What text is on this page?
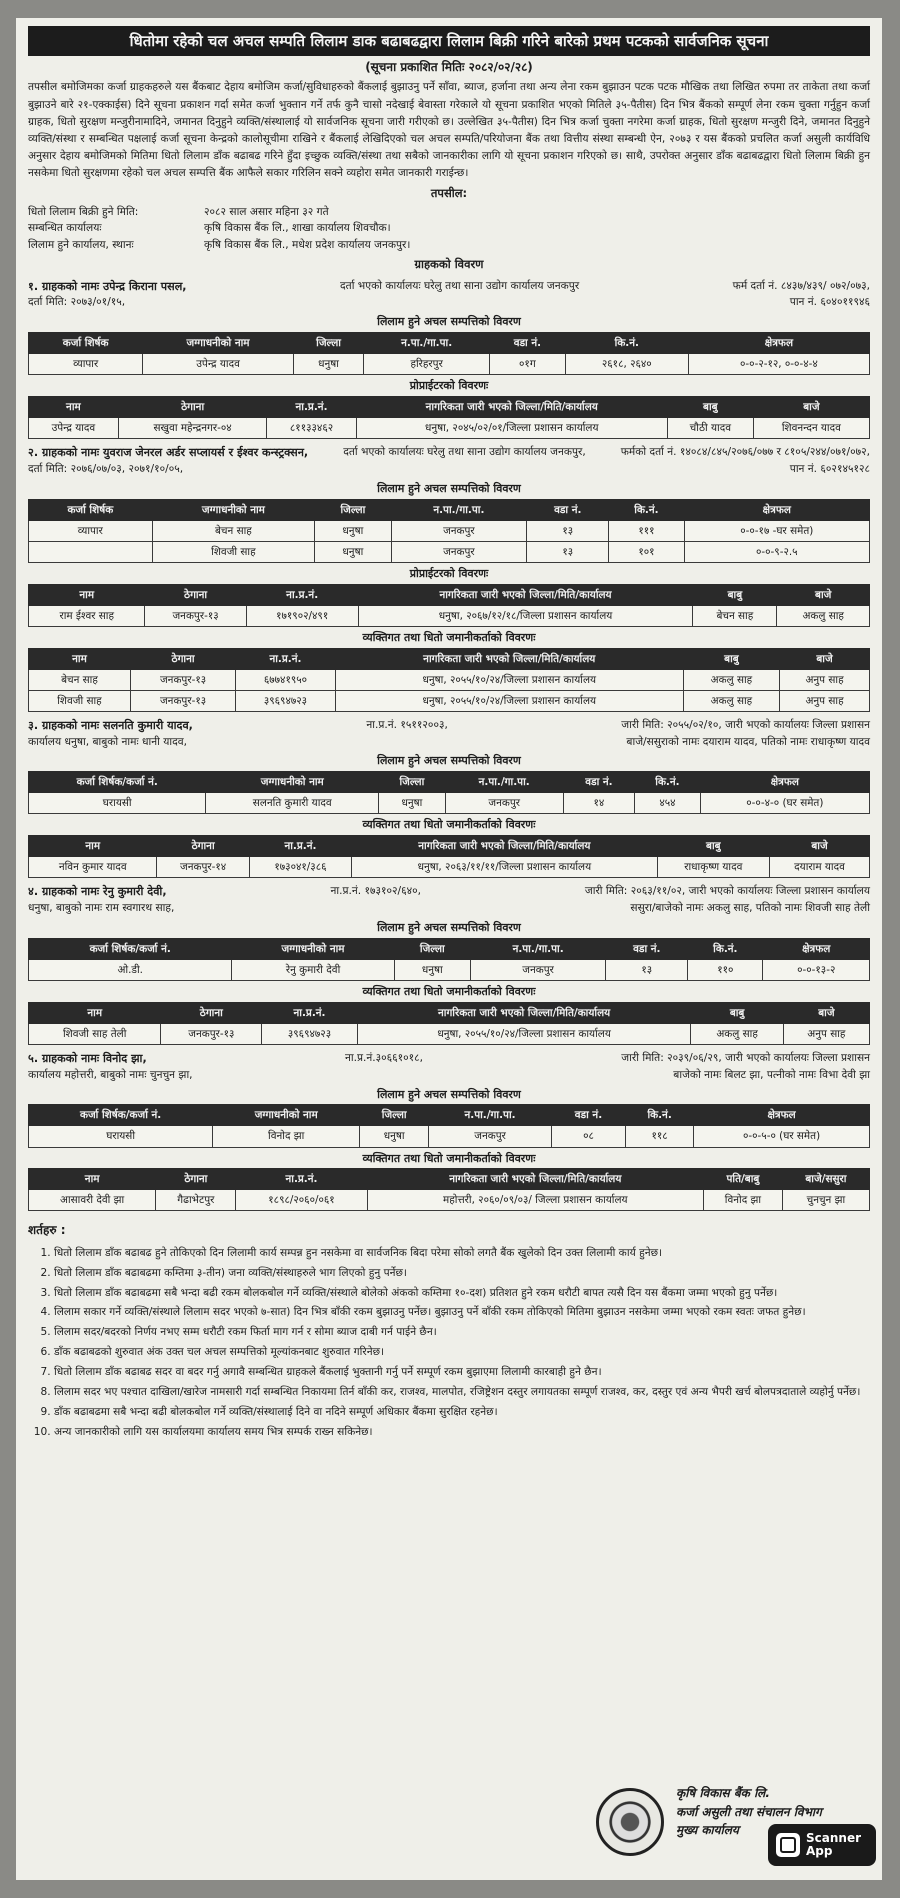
धितोमा रहेको चल अचल सम्पति लिलाम डाक बढाबढद्वारा लिलाम बिक्री गरिने बारेको प्रथम पटकको सार्वजनिक सूचना
(सूचना प्रकाशित मितिः २०८२/०२/२८)

तपसील बमोजिमका कर्जा ग्राहकहरुले यस बैंकबाट देहाय बमोजिम कर्जा/सुविधाहरुको बैंकलाई बुझाउनु पर्ने साँवा, ब्याज, हर्जाना तथा अन्य लेना रकम बुझाउन पटक पटक मौखिक तथा लिखित रुपमा तर ताकेता तथा कर्जा बुझाउने बारे २१-एक्काईस) दिने सूचना प्रकाशन गर्दा समेत कर्जा भुक्तान गर्ने तर्फ कुनै चासो नदेखाई बेवास्ता गरेकाले यो सूचना प्रकाशित भएको मितिले ३५-पैतीस) दिन भित्र बैंकको सम्पूर्ण लेना रकम चुक्ता गर्नुहुन कर्जा ग्राहक, धितो सुरक्षण मन्जुरीनामादिने, जमानत दिनुहुने व्यक्ति/संस्थालाई यो सार्वजनिक सूचना जारी गरीएको छ। उल्लेखित ३५-पैतीस) दिन भित्र कर्जा चुक्ता नगरेमा कर्जा ग्राहक, धितो सुरक्षण मन्जुरी दिने, जमानत दिनुहुने व्यक्ति/संस्था र सम्बन्धित पक्षलाई कर्जा सूचना केन्द्रको कालोसूचीमा राखिने र बैंकलाई लेखिदिएको चल अचल सम्पति/परियोजना बैंक तथा वित्तीय संस्था सम्बन्धी ऐन, २०७३ र यस बैंकको प्रचलित कर्जा असुली कार्यविधि अनुसार देहाय बमोजिमको मितिमा धितो लिलाम डाँक बढाबढ गरिने हुँदा इच्छुक व्यक्ति/संस्था तथा सबैको जानकारीका लागि यो सूचना प्रकाशन गरिएको छ। साथै, उपरोक्त अनुसार डाँक बढाबढद्वारा धितो लिलाम बिक्री हुन नसकेमा धितो सुरक्षणमा रहेको चल अचल सम्पत्ति बैंक आफैले सकार गरिलिन सक्ने व्यहोरा समेत जानकारी गराईन्छ।

तपसील:
धितो लिलाम बिक्री हुने मिति:	२०८२ साल असार महिना ३२ गते
सम्बन्धित कार्यालयः	कृषि विकास बैंक लि., शाखा कार्यालय शिवचौक।
लिलाम हुने कार्यालय, स्थानः	कृषि विकास बैंक लि., मधेश प्रदेश कार्यालय जनकपुर।
ग्राहकको विवरण
१. ग्राहकको नामः उपेन्द्र किराना पसल,	दर्ता भएको कार्यालयः घरेलु तथा साना उद्योग कार्यालय जनकपुर	फर्म दर्ता नं. ८४३७/४३९/ ०७२/०७३,
दर्ता मिति: २०७३/०१/१५,	पान नं. ६०४०११९४६
लिलाम हुने अचल सम्पत्तिको विवरण
कर्जा शिर्षक	जग्गाधनीको नाम	जिल्ला	न.पा./गा.पा.	वडा नं.	कि.नं.	क्षेत्रफल
व्यापार	उपेन्द्र यादव	धनुषा	हरिहरपुर	०१ग	२६१८, २६४०	०-०-२-१२, ०-०-४-४
प्रोप्राईटरको विवरणः
नाम	ठेगाना	ना.प्र.नं.	नागरिकता जारी भएको जिल्ला/मिति/कार्यालय	बाबु	बाजे
उपेन्द्र यादव	सखुवा महेन्द्रनगर-०४	८११३३४६२	धनुषा, २०४५/०२/०१/जिल्ला प्रशासन कार्यालय	चौठी यादव	शिवनन्दन यादव
२. ग्राहकको नामः युवराज जेनरल अर्डर सप्लायर्स र ईश्वर कन्स्ट्रक्सन,	दर्ता भएको कार्यालयः घरेलु तथा साना उद्योग कार्यालय जनकपुर,	फर्मको दर्ता नं. १४०८४/८४५/२०७६/०७७ र ८१०५/२४४/०७१/०७२,
दर्ता मिति: २०७६/०७/०३, २०७१/१०/०५,	पान नं. ६०२१४५१२८
लिलाम हुने अचल सम्पत्तिको विवरण
कर्जा शिर्षक	जग्गाधनीको नाम	जिल्ला	न.पा./गा.पा.	वडा नं.	कि.नं.	क्षेत्रफल
व्यापार	बेचन साह	धनुषा	जनकपुर	१३	१११	०-०-१७ -घर समेत)
	शिवजी साह	धनुषा	जनकपुर	१३	१०१	०-०-९-२.५
प्रोप्राईटरको विवरणः
नाम	ठेगाना	ना.प्र.नं.	नागरिकता जारी भएको जिल्ला/मिति/कार्यालय	बाबु	बाजे
राम ईश्वर साह	जनकपुर-१३	१७१९०२/४९१	धनुषा, २०६७/१२/१८/जिल्ला प्रशासन कार्यालय	बेचन साह	अकलु साह
व्यक्तिगत तथा धितो जमानीकर्ताको विवरणः
नाम	ठेगाना	ना.प्र.नं.	नागरिकता जारी भएको जिल्ला/मिति/कार्यालय	बाबु	बाजे
बेचन साह	जनकपुर-१३	६७७४१९५०	धनुषा, २०५५/१०/२४/जिल्ला प्रशासन कार्यालय	अकलु साह	अनुप साह
शिवजी साह	जनकपुर-१३	३९६९४७२३	धनुषा, २०५५/१०/२४/जिल्ला प्रशासन कार्यालय	अकलु साह	अनुप साह
३. ग्राहकको नामः सलनति कुमारी यादव,	ना.प्र.नं. १५११२००३,	जारी मिति: २०५५/०२/१०, जारी भएको कार्यालयः जिल्ला प्रशासन
कार्यालय धनुषा, बाबुको नामः धानी यादव,	बाजे/ससुराको नामः दयाराम यादव, पतिको नामः राधाकृष्ण यादव
लिलाम हुने अचल सम्पत्तिको विवरण
कर्जा शिर्षक/कर्जा नं.	जग्गाधनीको नाम	जिल्ला	न.पा./गा.पा.	वडा नं.	कि.नं.	क्षेत्रफल
घरायसी	सलनति कुमारी यादव	धनुषा	जनकपुर	१४	४५४	०-०-४-० (घर समेत)
व्यक्तिगत तथा धितो जमानीकर्ताको विवरणः
नाम	ठेगाना	ना.प्र.नं.	नागरिकता जारी भएको जिल्ला/मिति/कार्यालय	बाबु	बाजे
नविन कुमार यादव	जनकपुर-१४	१७३०४१/३८६	धनुषा, २०६३/११/११/जिल्ला प्रशासन कार्यालय	राधाकृष्ण यादव	दयाराम यादव
४. ग्राहकको नामः रेनु कुमारी देवी,	ना.प्र.नं. १७३१०२/६४०,	जारी मिति: २०६३/११/०२, जारी भएको कार्यालयः जिल्ला प्रशासन कार्यालय
धनुषा, बाबुको नामः राम स्वगारथ साह,	ससुरा/बाजेको नामः अकलु साह, पतिको नामः शिवजी साह तेली
लिलाम हुने अचल सम्पत्तिको विवरण
कर्जा शिर्षक/कर्जा नं.	जग्गाधनीको नाम	जिल्ला	न.पा./गा.पा.	वडा नं.	कि.नं.	क्षेत्रफल
ओ.डी.	रेनु कुमारी देवी	धनुषा	जनकपुर	१३	११०	०-०-१३-२
व्यक्तिगत तथा धितो जमानीकर्ताको विवरणः
नाम	ठेगाना	ना.प्र.नं.	नागरिकता जारी भएको जिल्ला/मिति/कार्यालय	बाबु	बाजे
शिवजी साह तेली	जनकपुर-१३	३९६९४७२३	धनुषा, २०५५/१०/२४/जिल्ला प्रशासन कार्यालय	अकलु साह	अनुप साह
५. ग्राहकको नामः विनोद झा,	ना.प्र.नं.३०६६१०१८,	जारी मिति: २०३९/०६/२९, जारी भएको कार्यालयः जिल्ला प्रशासन
कार्यालय महोत्तरी, बाबुको नामः चुनचुन झा,	बाजेको नामः बिलट झा, पत्नीको नामः विभा देवी झा
लिलाम हुने अचल सम्पत्तिको विवरण
कर्जा शिर्षक/कर्जा नं.	जग्गाधनीको नाम	जिल्ला	न.पा./गा.पा.	वडा नं.	कि.नं.	क्षेत्रफल
घरायसी	विनोद झा	धनुषा	जनकपुर	०८	११८	०-०-५-० (घर समेत)
व्यक्तिगत तथा धितो जमानीकर्ताको विवरणः
नाम	ठेगाना	ना.प्र.नं.	नागरिकता जारी भएको जिल्ला/मिति/कार्यालय	पति/बाबु	बाजे/ससुरा
आसावरी देवी झा	गैढाभेटपुर	१८९८/२०६०/०६१	महोत्तरी, २०६०/०९/०३/ जिल्ला प्रशासन कार्यालय	विनोद झा	चुनचुन झा
शर्तहरु :
1. धितो लिलाम डाँक बढाबढ हुने तोकिएको दिन लिलामी कार्य सम्पन्न हुन नसकेमा वा सार्वजनिक बिदा परेमा सोको लगतै बैंक खुलेको दिन उक्त लिलामी कार्य हुनेछ।
2. धितो लिलाम डाँक बढाबढमा कम्तिमा ३-तीन) जना व्यक्ति/संस्थाहरुले भाग लिएको हुनु पर्नेछ।
3. धितो लिलाम डाँक बढाबढमा सबै भन्दा बढी रकम बोलकबोल गर्ने व्यक्ति/संस्थाले बोलेको अंकको कम्तिमा १०-दश) प्रतिशत हुने रकम धरौटी बापत त्यसै दिन यस बैंकमा जम्मा भएको हुनु पर्नेछ।
4. लिलाम सकार गर्ने व्यक्ति/संस्थाले लिलाम सदर भएको ७-सात) दिन भित्र बाँकी रकम बुझाउनु पर्नेछ। बुझाउनु पर्ने बाँकी रकम तोकिएको मितिमा बुझाउन नसकेमा जम्मा भएको रकम स्वतः जफत हुनेछ।
5. लिलाम सदर/बदरको निर्णय नभए सम्म धरौटी रकम फिर्ता माग गर्न र सोमा ब्याज दाबी गर्न पाईने छैन।
6. डाँक बढाबढको शुरुवात अंक उक्त चल अचल सम्पत्तिको मूल्यांकनबाट शुरुवात गरिनेछ।
7. धितो लिलाम डाँक बढाबढ सदर वा बदर गर्नु अगावै सम्बन्धित ग्राहकले बैंकलाई भुक्तानी गर्नु पर्ने सम्पूर्ण रकम बुझाएमा लिलामी कारबाही हुने छैन।
8. लिलाम सदर भए पश्चात दाखिला/खारेज नामसारी गर्दा सम्बन्धित निकायमा तिर्न बाँकी कर, राजश्व, मालपोत, रजिष्ट्रेशन दस्तुर लगायतका सम्पूर्ण राजश्व, कर, दस्तुर एवं अन्य भैपरी खर्च बोलपत्रदाताले व्यहोर्नु पर्नेछ।
9. डाँक बढाबढमा सबै भन्दा बढी बोलकबोल गर्ने व्यक्ति/संस्थालाई दिने वा नदिने सम्पूर्ण अधिकार बैंकमा सुरक्षित रहनेछ।
10. अन्य जानकारीको लागि यस कार्यालयमा कार्यालय समय भित्र सम्पर्क राख्न सकिनेछ।
कृषि विकास बैंक लि.
कर्जा असुली तथा संचालन विभाग
मुख्य कार्यालय
Scanner
App
